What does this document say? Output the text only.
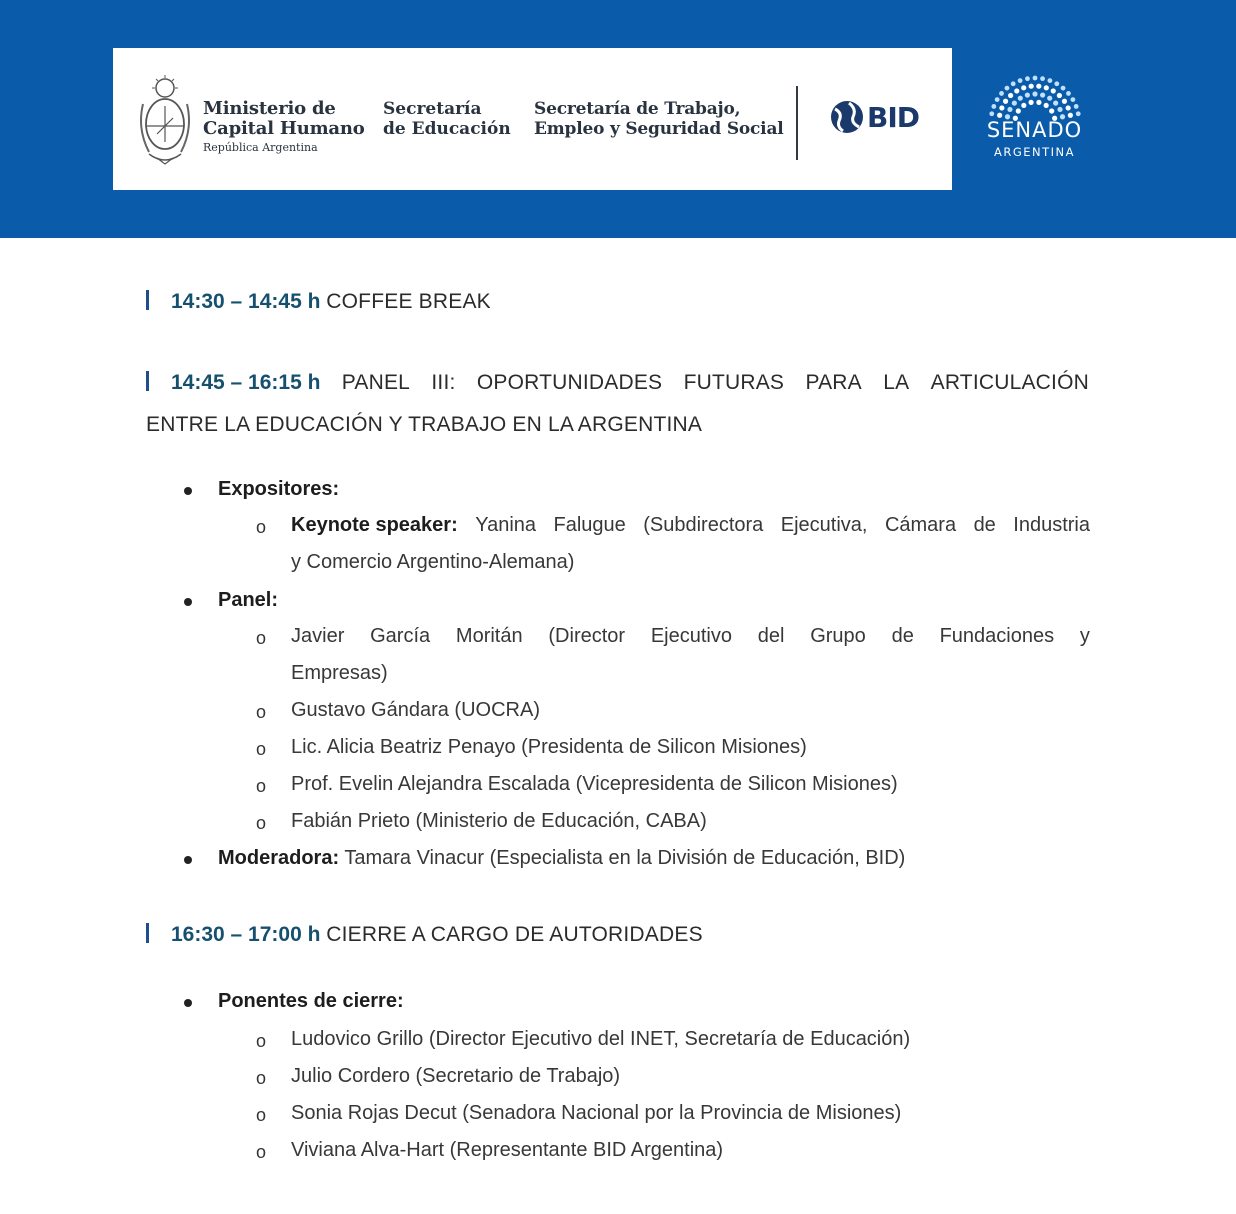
Ministerio de
Capital Humano
República Argentina
Secretaría
de Educación
Secretaría de Trabajo,
Empleo y Seguridad Social	BID	SENADO
ARGENTINA
14:30 – 14:45 h COFFEE BREAK
14:45 – 16:15 h PANEL III: OPORTUNIDADES FUTURAS PARA LA ARTICULACIÓN
ENTRE LA EDUCACIÓN Y TRABAJO EN LA ARGENTINA
Expositores:
o Keynote speaker: Yanina Falugue (Subdirectora Ejecutiva, Cámara de Industria
y Comercio Argentino-Alemana)
Panel:
o Javier García Moritán (Director Ejecutivo del Grupo de Fundaciones y
Empresas)
o Gustavo Gándara (UOCRA)
o Lic. Alicia Beatriz Penayo (Presidenta de Silicon Misiones)
o Prof. Evelin Alejandra Escalada (Vicepresidenta de Silicon Misiones)
o Fabián Prieto (Ministerio de Educación, CABA)
Moderadora: Tamara Vinacur (Especialista en la División de Educación, BID)
16:30 – 17:00 h CIERRE A CARGO DE AUTORIDADES
Ponentes de cierre:
o Ludovico Grillo (Director Ejecutivo del INET, Secretaría de Educación)
o Julio Cordero (Secretario de Trabajo)
o Sonia Rojas Decut (Senadora Nacional por la Provincia de Misiones)
o Viviana Alva-Hart (Representante BID Argentina)
